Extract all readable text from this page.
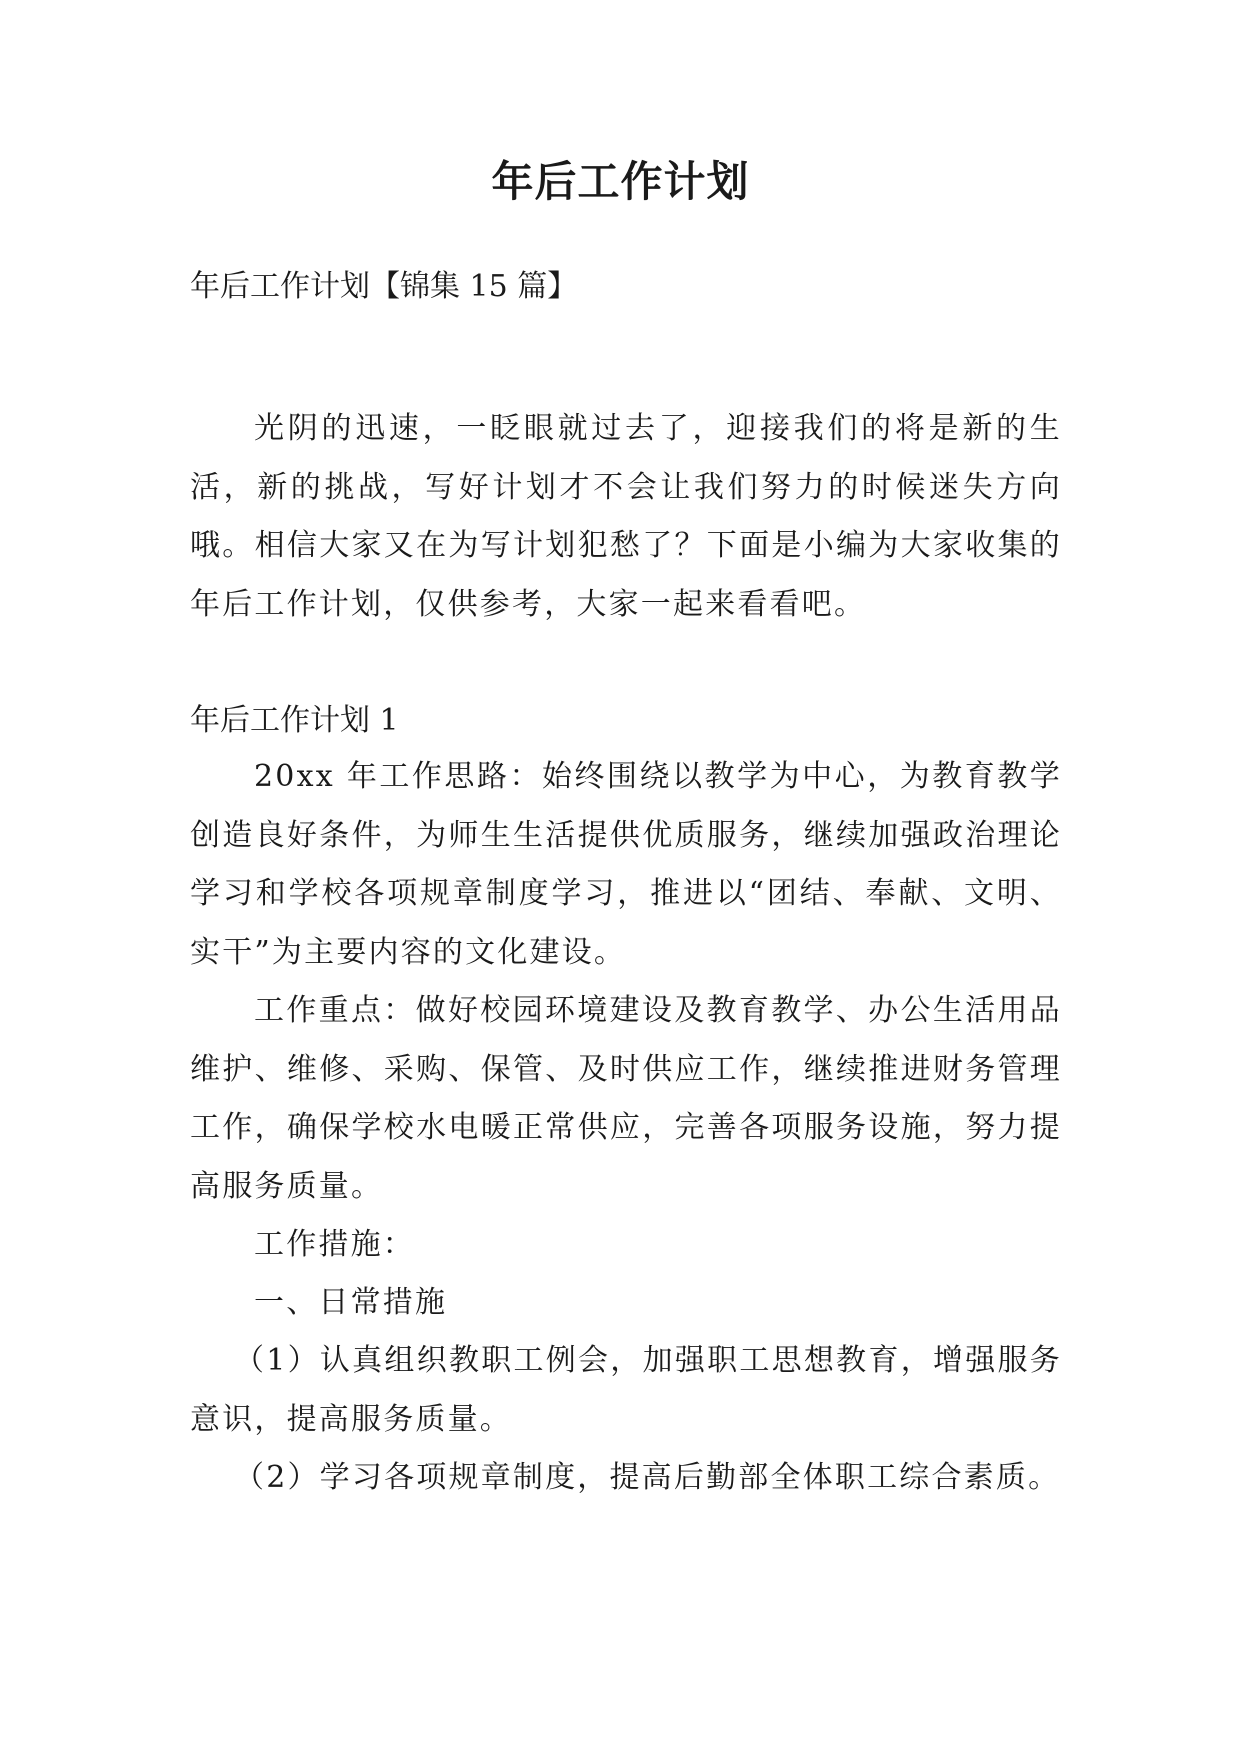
年后工作计划

年后工作计划【锦集 15 篇】

光阴的迅速，一眨眼就过去了，迎接我们的将是新的生活，新的挑战，写好计划才不会让我们努力的时候迷失方向哦。相信大家又在为写计划犯愁了？下面是小编为大家收集的年后工作计划，仅供参考，大家一起来看看吧。

年后工作计划 1

20xx 年工作思路：始终围绕以教学为中心，为教育教学创造良好条件，为师生生活提供优质服务，继续加强政治理论学习和学校各项规章制度学习，推进以“团结、奉献、文明、实干”为主要内容的文化建设。

工作重点：做好校园环境建设及教育教学、办公生活用品维护、维修、采购、保管、及时供应工作，继续推进财务管理工作，确保学校水电暖正常供应，完善各项服务设施，努力提高服务质量。

工作措施：

一、日常措施

（1）认真组织教职工例会，加强职工思想教育，增强服务意识，提高服务质量。

（2）学习各项规章制度，提高后勤部全体职工综合素质。
